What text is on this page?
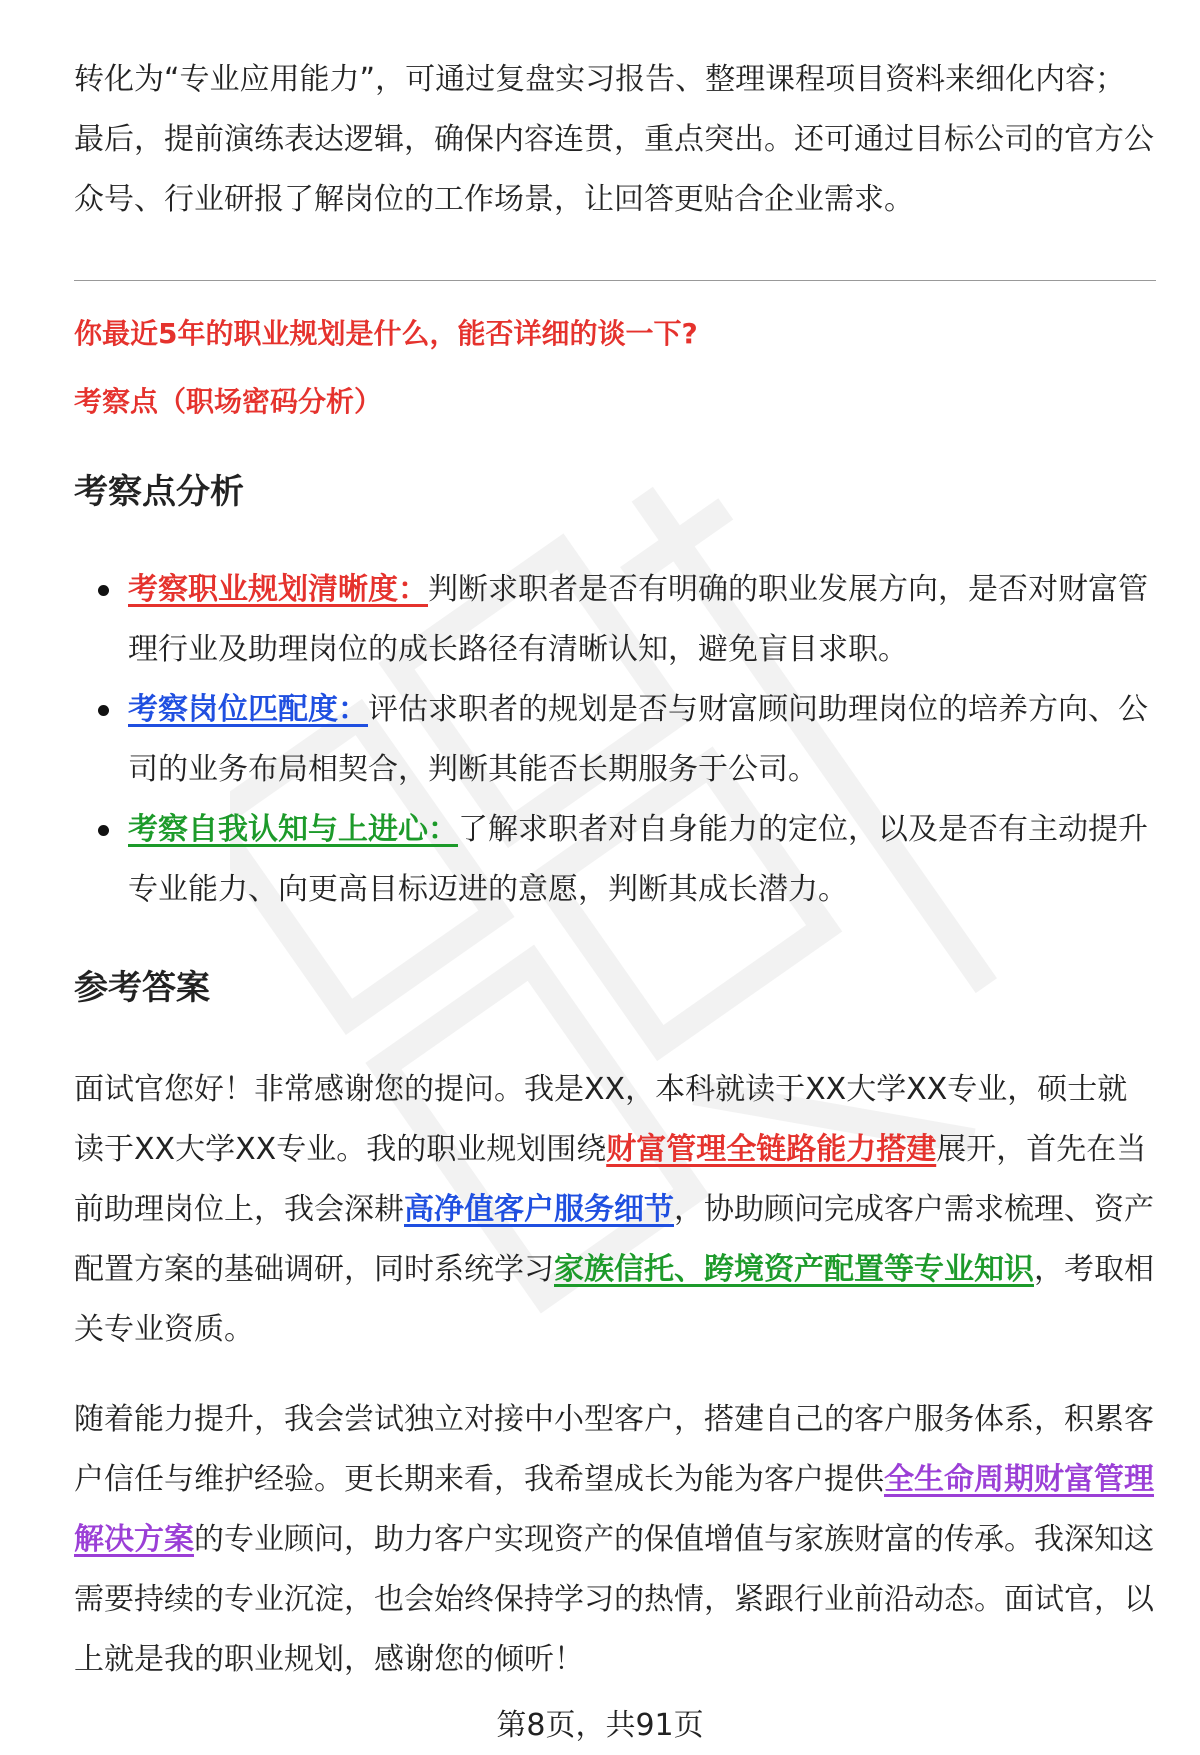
转化为“专业应用能力”，可通过复盘实习报告、整理课程项目资料来细化内容；最后，提前演练表达逻辑，确保内容连贯，重点突出。还可通过目标公司的官方公众号、行业研报了解岗位的工作场景，让回答更贴合企业需求。

你最近5年的职业规划是什么，能否详细的谈一下?

考察点（职场密码分析）

考察点分析
考察职业规划清晰度：判断求职者是否有明确的职业发展方向，是否对财富管理行业及助理岗位的成长路径有清晰认知，避免盲目求职。
考察岗位匹配度：评估求职者的规划是否与财富顾问助理岗位的培养方向、公司的业务布局相契合，判断其能否长期服务于公司。
考察自我认知与上进心：了解求职者对自身能力的定位，以及是否有主动提升专业能力、向更高目标迈进的意愿，判断其成长潜力。
参考答案

面试官您好！非常感谢您的提问。我是XX，本科就读于XX大学XX专业，硕士就读于XX大学XX专业。我的职业规划围绕财富管理全链路能力搭建展开，首先在当前助理岗位上，我会深耕高净值客户服务细节，协助顾问完成客户需求梳理、资产配置方案的基础调研，同时系统学习家族信托、跨境资产配置等专业知识，考取相关专业资质。

随着能力提升，我会尝试独立对接中小型客户，搭建自己的客户服务体系，积累客户信任与维护经验。更长期来看，我希望成长为能为客户提供全生命周期财富管理解决方案的专业顾问，助力客户实现资产的保值增值与家族财富的传承。我深知这需要持续的专业沉淀，也会始终保持学习的热情，紧跟行业前沿动态。面试官，以上就是我的职业规划，感谢您的倾听！

第8页，共91页
